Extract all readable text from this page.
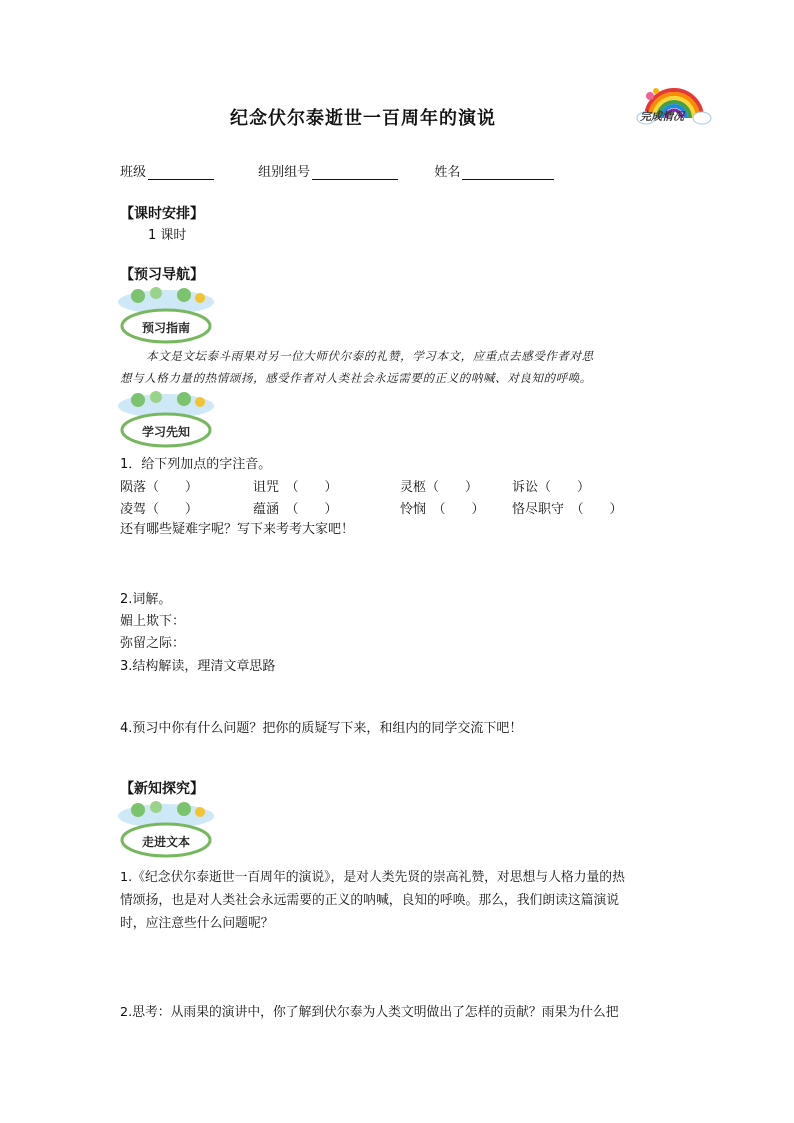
纪念伏尔泰逝世一百周年的演说	完成情况
班级	组别组号	姓名
【课时安排】
1 课时
【预习导航】
预习指南
本文是文坛泰斗雨果对另一位大师伏尔泰的礼赞，学习本文，应重点去感受作者对思
想与人格力量的热情颂扬，感受作者对人类社会永远需要的正义的呐喊、对良知的呼唤。
学习先知
1．给下列加点的字注音。
陨落（　　）	诅咒　（　　）	灵柩（　　）	诉讼（　　）
凌驾（　　）	蕴涵　（　　）	怜悯　（　　） 恪尽职守　（　　）
还有哪些疑难字呢？写下来考考大家吧！
2.词解。
媚上欺下：
弥留之际：
3.结构解读，理清文章思路
4.预习中你有什么问题？把你的质疑写下来，和组内的同学交流下吧！
【新知探究】
走进文本
1.《纪念伏尔泰逝世一百周年的演说》，是对人类先贤的崇高礼赞，对思想与人格力量的热
情颂扬，也是对人类社会永远需要的正义的呐喊，良知的呼唤。那么，我们朗读这篇演说
时，应注意些什么问题呢？
2.思考：从雨果的演讲中，你了解到伏尔泰为人类文明做出了怎样的贡献？雨果为什么把
